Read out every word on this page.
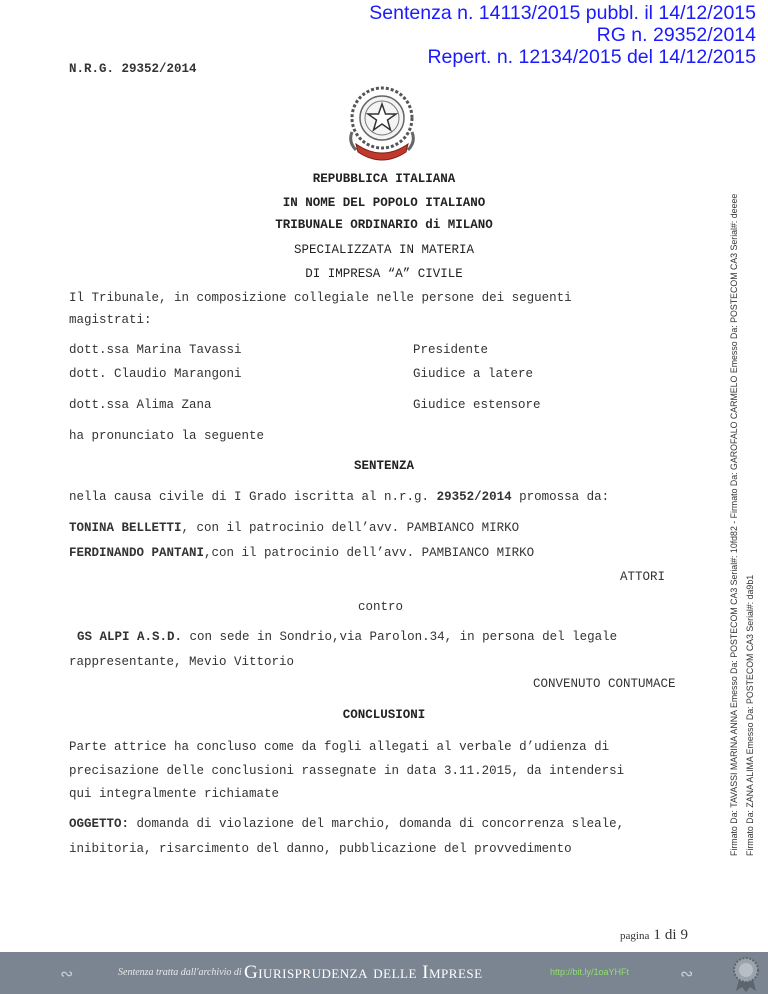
Sentenza n. 14113/2015 pubbl. il 14/12/2015
RG n. 29352/2014
Repert. n. 12134/2015 del 14/12/2015
N.R.G. 29352/2014
REPUBBLICA ITALIANA
IN NOME DEL POPOLO ITALIANO
TRIBUNALE ORDINARIO di MILANO
SPECIALIZZATA IN MATERIA
DI IMPRESA “A” CIVILE
Il Tribunale, in composizione collegiale nelle persone dei seguenti
magistrati:
dott.ssa Marina Tavassi	Presidente
dott. Claudio Marangoni	Giudice a latere
dott.ssa Alima Zana	Giudice estensore
ha pronunciato la seguente
SENTENZA
nella causa civile di I Grado iscritta al n.r.g. 29352/2014 promossa da:
TONINA BELLETTI, con il patrocinio dell’avv. PAMBIANCO MIRKO
FERDINANDO PANTANI,con il patrocinio dell’avv. PAMBIANCO MIRKO
ATTORI
contro
GS ALPI A.S.D. con sede in Sondrio,via Parolon.34, in persona del legale
rappresentante, Mevio Vittorio
CONVENUTO CONTUMACE
CONCLUSIONI
Parte attrice ha concluso come da fogli allegati al verbale d’udienza di
precisazione delle conclusioni rassegnate in data 3.11.2015, da intendersi
qui integralmente richiamate
OGGETTO: domanda di violazione del marchio, domanda di concorrenza sleale,
inibitoria, risarcimento del danno, pubblicazione del provvedimento	Firmato Da: TAVASSI MARINA ANNA Emesso Da: POSTECOM CA3 Serial#: 10fd82 - Firmato Da: GAROFALO CARMELO Emesso Da: POSTECOM CA3 Serial#: deeee Firmato Da: ZANA ALIMA Emesso Da: POSTECOM CA3 Serial#: da9b1
pagina 1 di 9
∾	Sentenza tratta dall'archivio di Giurisprudenza delle Imprese	http://bit.ly/1oaYHFt	∾
